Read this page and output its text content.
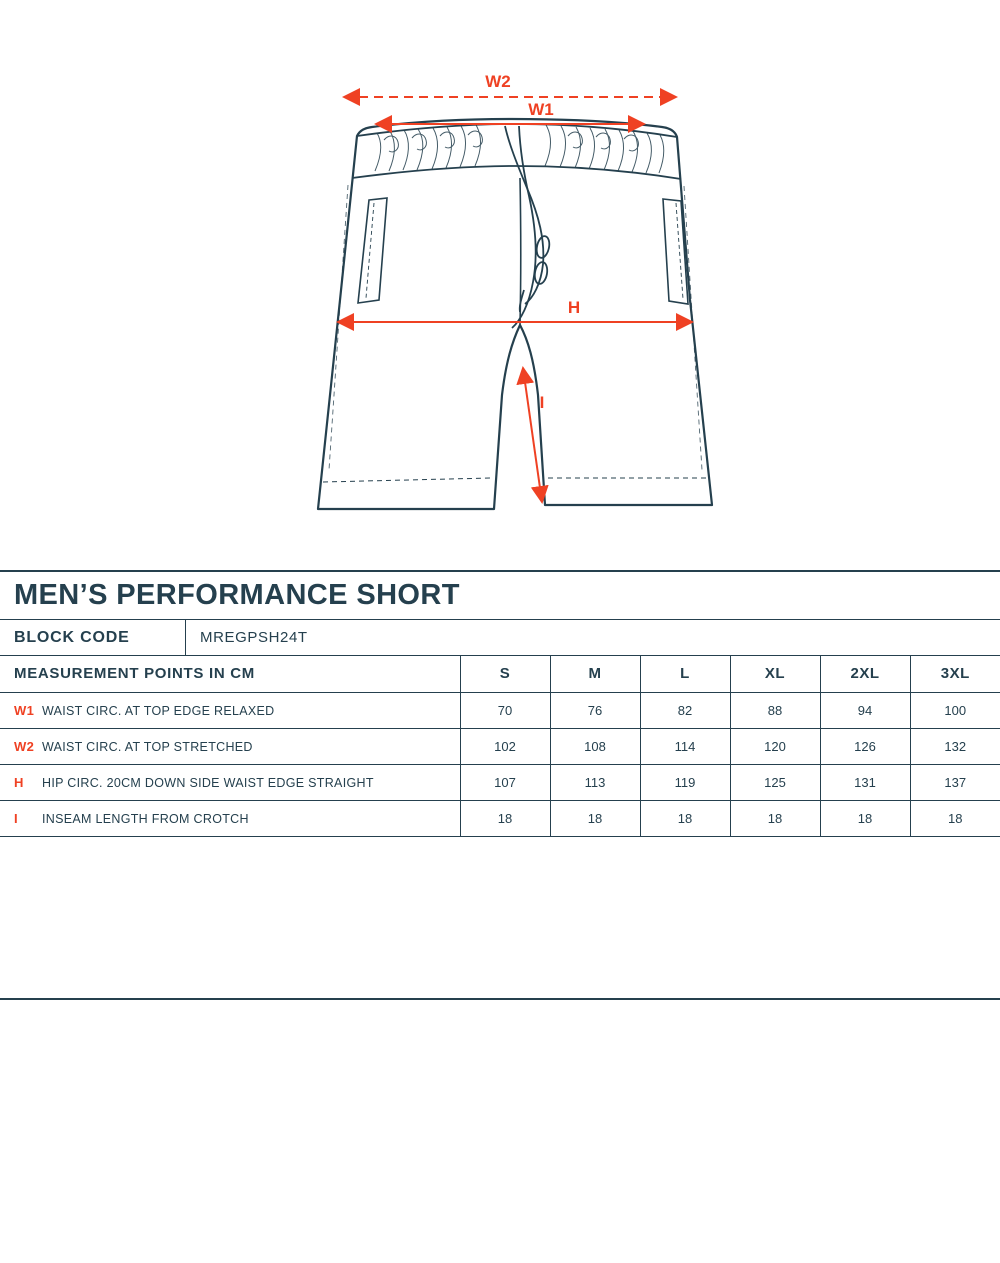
W2
W1
H
I
MEN’S PERFORMANCE SHORT
BLOCK CODE	MREGPSH24T
MEASUREMENT POINTS IN CM	S	M	L	XL	2XL	3XL
W1 WAIST CIRC. AT TOP EDGE RELAXED	70	76	82	88	94	100
W2 WAIST CIRC. AT TOP STRETCHED	102	108	114	120	126	132
H HIP CIRC. 20CM DOWN SIDE WAIST EDGE STRAIGHT	107	113	119	125	131	137
I INSEAM LENGTH FROM CROTCH	18	18	18	18	18	18
